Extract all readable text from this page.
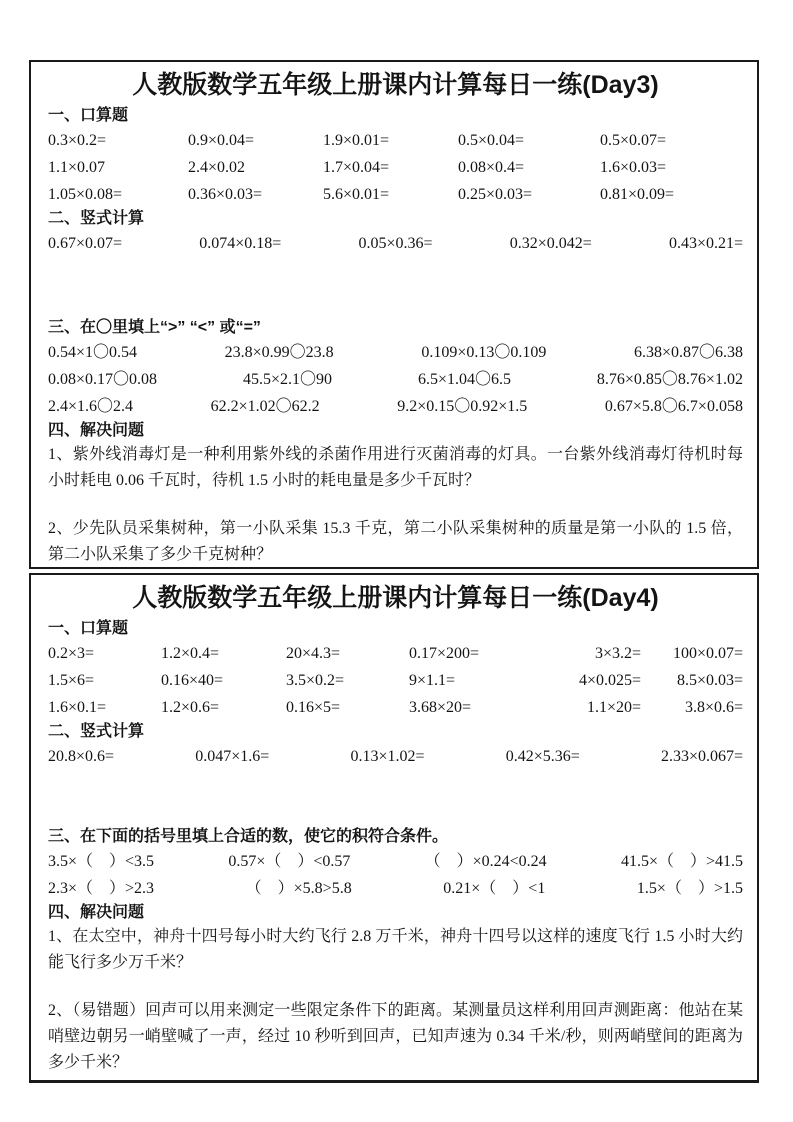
人教版数学五年级上册课内计算每日一练(Day3)
一、口算题
0.3×0.2=	0.9×0.04=	1.9×0.01=	0.5×0.04=	0.5×0.07=
1.1×0.07	2.4×0.02	1.7×0.04=	0.08×0.4=	1.6×0.03=
1.05×0.08=	0.36×0.03=	5.6×0.01=	0.25×0.03=	0.81×0.09=
二、竖式计算
0.67×0.07=	0.074×0.18=	0.05×0.36=	0.32×0.042=	0.43×0.21=
三、在〇里填上“>” “<” 或“=”
0.54×1〇0.54	23.8×0.99〇23.8	0.109×0.13〇0.109	6.38×0.87〇6.38
0.08×0.17〇0.08	45.5×2.1〇90	6.5×1.04〇6.5	8.76×0.85〇8.76×1.02
2.4×1.6〇2.4	62.2×1.02〇62.2	9.2×0.15〇0.92×1.5	0.67×5.8〇6.7×0.058
四、解决问题

1、紫外线消毒灯是一种利用紫外线的杀菌作用进行灭菌消毒的灯具。一台紫外线消毒灯待机时每小时耗电 0.06 千瓦时，待机 1.5 小时的耗电量是多少千瓦时？

2、少先队员采集树种，第一小队采集 15.3 千克，第二小队采集树种的质量是第一小队的 1.5 倍，第二小队采集了多少千克树种？

人教版数学五年级上册课内计算每日一练(Day4)
一、口算题
0.2×3=	1.2×0.4=	20×4.3=	0.17×200=	3×3.2=	100×0.07=
1.5×6=	0.16×40=	3.5×0.2=	9×1.1=	4×0.025=	8.5×0.03=
1.6×0.1=	1.2×0.6=	0.16×5=	3.68×20=	1.1×20=	3.8×0.6=
二、竖式计算
20.8×0.6=	0.047×1.6=	0.13×1.02=	0.42×5.36=	2.33×0.067=
三、在下面的括号里填上合适的数，使它的积符合条件。
3.5×（　）<3.5	0.57×（　）<0.57	（　）×0.24<0.24	41.5×（　）>41.5
2.3×（　）>2.3	（　）×5.8>5.8	0.21×（　）<1	1.5×（　）>1.5
四、解决问题

1、在太空中，神舟十四号每小时大约飞行 2.8 万千米，神舟十四号以这样的速度飞行 1.5 小时大约能飞行多少万千米？

2、（易错题）回声可以用来测定一些限定条件下的距离。某测量员这样利用回声测距离：他站在某哨壁边朝另一峭壁喊了一声，经过 10 秒听到回声，已知声速为 0.34 千米/秒，则两峭壁间的距离为多少千米？
